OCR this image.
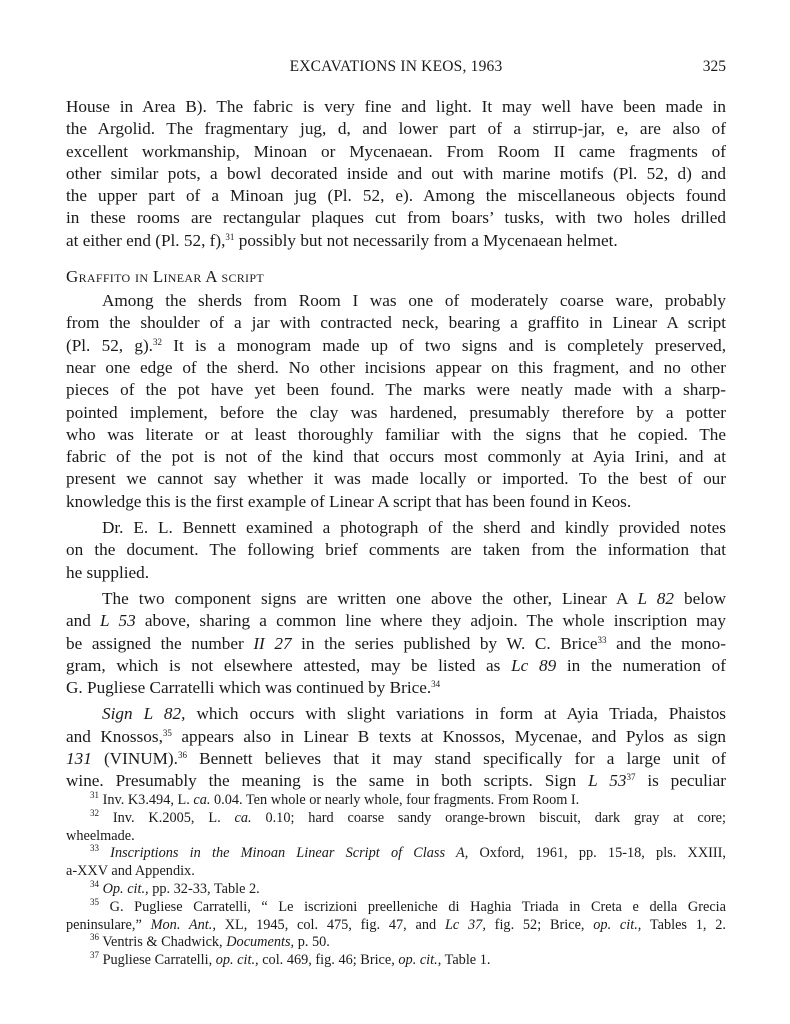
EXCAVATIONS IN KEOS, 1963	325
House in Area B). The fabric is very fine and light. It may well have been made in
the Argolid. The fragmentary jug, d, and lower part of a stirrup-jar, e, are also of
excellent workmanship, Minoan or Mycenaean. From Room II came fragments of
other similar pots, a bowl decorated inside and out with marine motifs (Pl. 52, d) and
the upper part of a Minoan jug (Pl. 52, e). Among the miscellaneous objects found
in these rooms are rectangular plaques cut from boars’ tusks, with two holes drilled
at either end (Pl. 52, f),$^{31}$ possibly but not necessarily from a Mycenaean helmet.
Graffito in Linear A script
Among the sherds from Room I was one of moderately coarse ware, probably
from the shoulder of a jar with contracted neck, bearing a graffito in Linear A script
(Pl. 52, g).$^{32}$ It is a monogram made up of two signs and is completely preserved,
near one edge of the sherd. No other incisions appear on this fragment, and no other
pieces of the pot have yet been found. The marks were neatly made with a sharp-
pointed implement, before the clay was hardened, presumably therefore by a potter
who was literate or at least thoroughly familiar with the signs that he copied. The
fabric of the pot is not of the kind that occurs most commonly at Ayia Irini, and at
present we cannot say whether it was made locally or imported. To the best of our
knowledge this is the first example of Linear A script that has been found in Keos.
Dr. E. L. Bennett examined a photograph of the sherd and kindly provided notes
on the document. The following brief comments are taken from the information that
he supplied.
The two component signs are written one above the other, Linear A L 82 below
and L 53 above, sharing a common line where they adjoin. The whole inscription may
be assigned the number II 27 in the series published by W. C. Brice$^{33}$ and the mono-
gram, which is not elsewhere attested, may be listed as Lc 89 in the numeration of
G. Pugliese Carratelli which was continued by Brice.$^{34}$
Sign L 82, which occurs with slight variations in form at Ayia Triada, Phaistos
and Knossos,$^{35}$ appears also in Linear B texts at Knossos, Mycenae, and Pylos as sign
131 (VINUM).$^{36}$ Bennett believes that it may stand specifically for a large unit of
wine. Presumably the meaning is the same in both scripts. Sign L $53^{37}$ is peculiar
$^{31}$ Inv. K3.494, L. ca. 0.04. Ten whole or nearly whole, four fragments. From Room I.
$^{32}$ Inv. K.2005, L. ca. 0.10; hard coarse sandy orange-brown biscuit, dark gray at core;
wheelmade.
$^{33}$ Inscriptions in the Minoan Linear Script of Class A, Oxford, 1961, pp. 15-18, pls. XXIII,
a-XXV and Appendix.
$^{34}$ Op. cit., pp. 32-33, Table 2.
$^{35}$ G. Pugliese Carratelli, “ Le iscrizioni preelleniche di Haghia Triada in Creta e della Grecia
peninsulare,” Mon. Ant., XL, 1945, col. 475, fig. 47, and Lc 37, fig. 52; Brice, op. cit., Tables 1, 2.
$^{36}$ Ventris & Chadwick, Documents, p. 50.
$^{37}$ Pugliese Carratelli, op. cit., col. 469, fig. 46; Brice, op. cit., Table 1.
